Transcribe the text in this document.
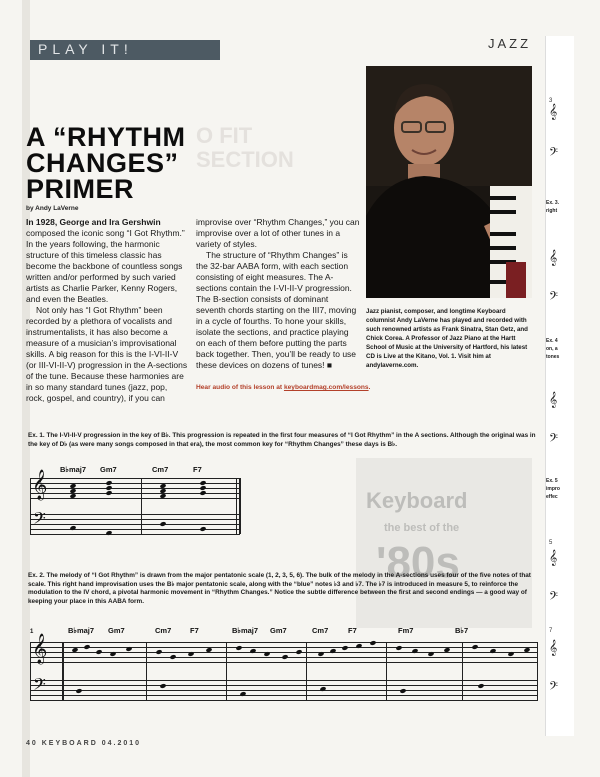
PLAY IT!	JAZZ
O FIT
SECTION
A “RHYTHM
CHANGES”
PRIMER
by Andy LaVerne

In 1928, George and Ira Gershwin composed the iconic song “I Got Rhythm.” In the years following, the harmonic structure of this timeless classic has become the backbone of countless songs written and/or performed by such varied artists as Charlie Parker, Kenny Rogers, and even the Beatles.

Not only has “I Got Rhythm” been recorded by a plethora of vocalists and instrumentalists, it has also become a measure of a musician’s improvisational skills. A big reason for this is the I-VI-II-V (or III-VI-II-V) progression in the A-sections of the tune. Because these harmonies are in so many standard tunes (jazz, pop, rock, gospel, and country), if you can

improvise over “Rhythm Changes,” you can improvise over a lot of other tunes in a variety of styles.

The structure of “Rhythm Changes” is the 32-bar AABA form, with each section consisting of eight measures. The A-sections contain the I-VI-II-V progression. The B-section consists of dominant seventh chords starting on the III7, moving in a cycle of fourths. To hone your skills, isolate the sections, and practice playing on each of them before putting the parts back together. Then, you’ll be ready to use these devices on dozens of tunes! ■

Hear audio of this lesson at keyboardmag.com/lessons.
Jazz pianist, composer, and longtime Keyboard columnist Andy LaVerne has played and recorded with such renowned artists as Frank Sinatra, Stan Getz, and Chick Corea. A Professor of Jazz Piano at the Hartt School of Music at the University of Hartford, his latest CD is Live at the Kitano, Vol. 1. Visit him at andylaverne.com.
Ex. 1. The I-VI-II-V progression in the key of B♭. This progression is repeated in the first four measures of “I Got Rhythm” in the A sections. Although the original was in the key of D♭ (as were many songs composed in that era), the most common key for “Rhythm Changes” these days is B♭.
Keyboard
the best of the
'80s
B♭maj7 Gm7	Cm7	F7
𝄞
𝄢
Ex. 2. The melody of “I Got Rhythm” is drawn from the major pentatonic scale (1, 2, 3, 5, 6). The bulk of the melody in the A-sections uses four of the five notes of that scale. This right hand improvisation uses the B♭ major pentatonic scale, along with the “blue” notes ♭3 and ♭7. The ♭7 is introduced in measure 5, to reinforce the modulation to the IV chord, a pivotal harmonic movement in “Rhythm Changes.” Notice the subtle difference between the first and second endings — a good way of keeping your place in this AABA form.
B♭maj7 Gm7	Cm7 F7	B♭maj7 Gm7	Cm7	F7	Fm7	B♭7
1
𝄞
𝄢
3
𝄞
𝄢
Ex. 3.
right
𝄞
𝄢
Ex. 4
on, a
tones
𝄞
𝄢
Ex. 5
impro
effec
5
𝄞
𝄢
7
𝄞
𝄢
40 KEYBOARD 04.2010
